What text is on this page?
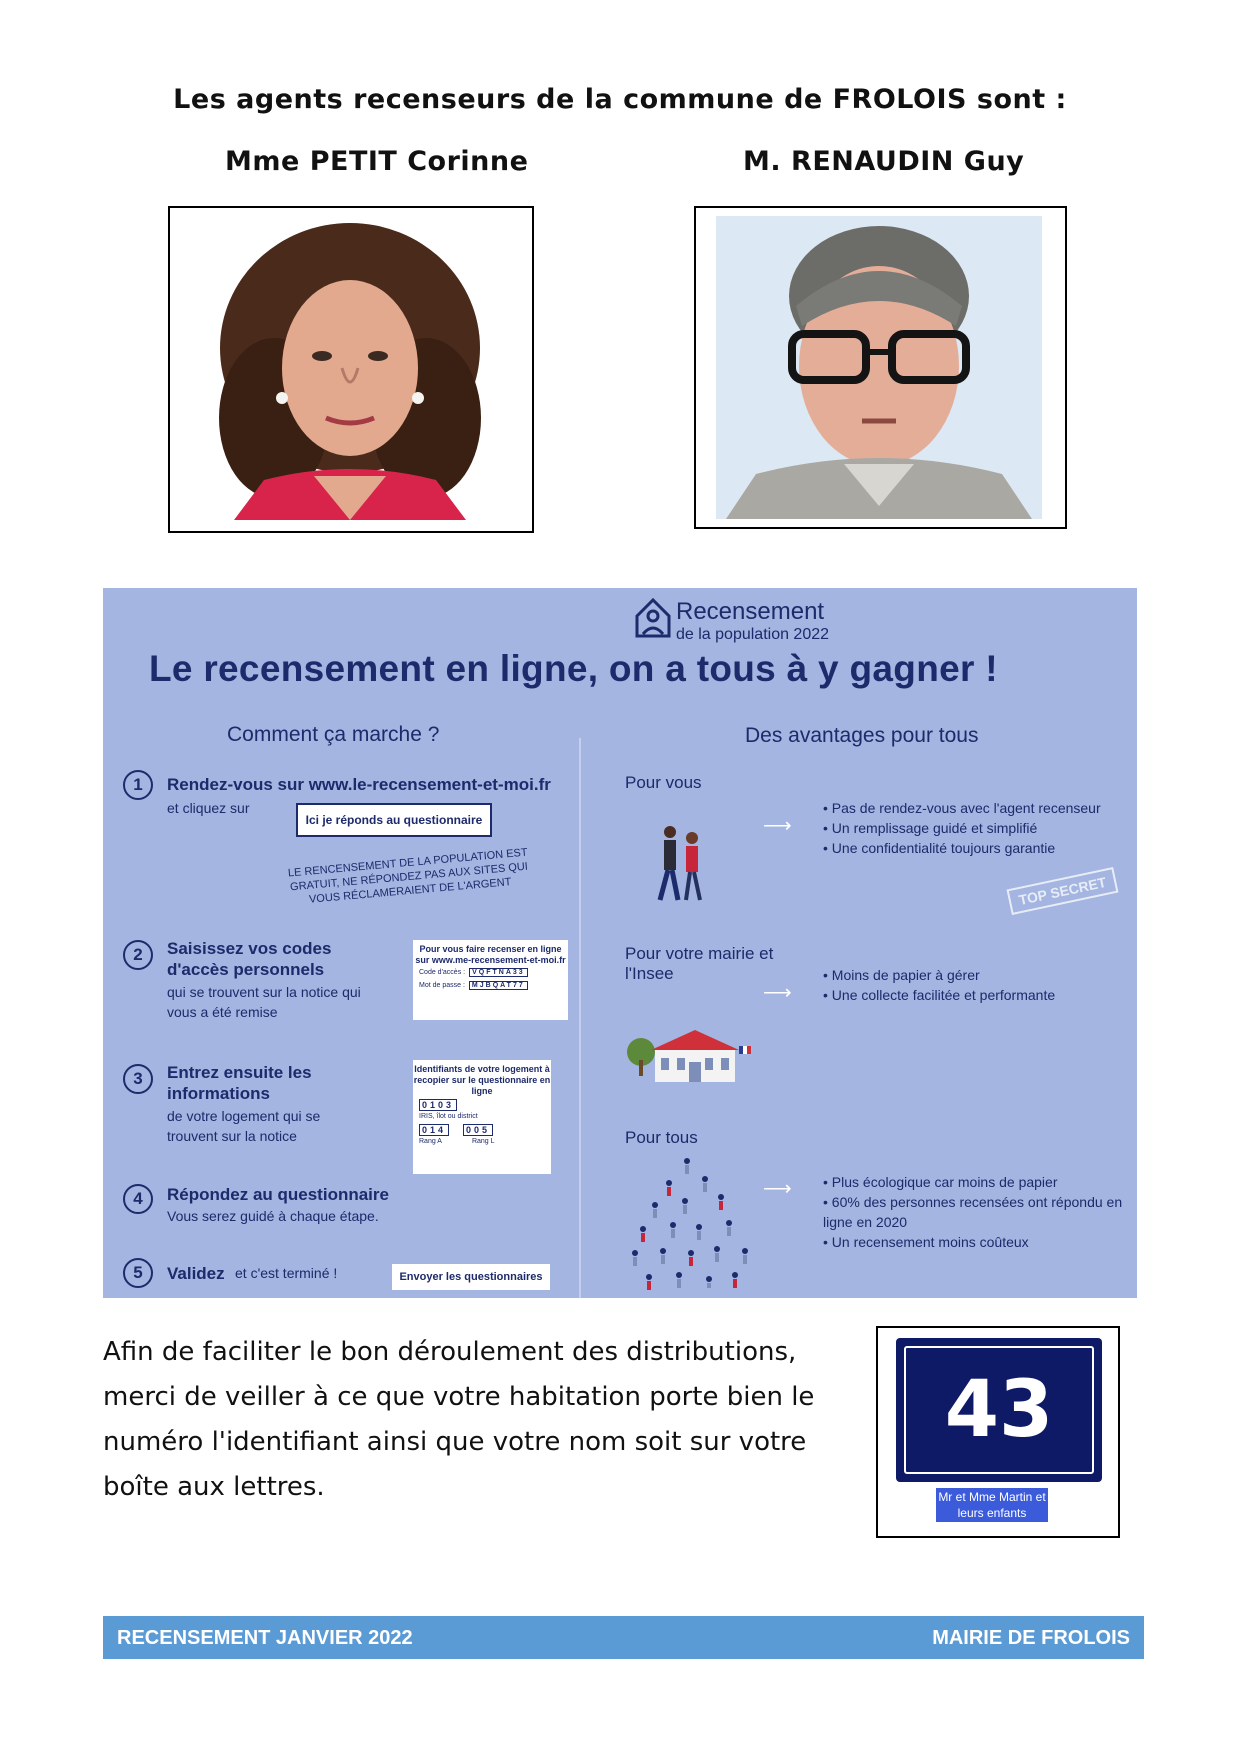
Les agents recenseurs de la commune de FROLOIS sont :
Mme PETIT Corinne	M. RENAUDIN Guy
Recensement
de la population 2022
Le recensement en ligne, on a tous à y gagner !
Comment ça marche ?	Des avantages pour tous
1	Rendez-vous sur www.le-recensement-et-moi.fr
et cliquez sur
Ici je réponds au questionnaire
LE RENCENSEMENT DE LA POPULATION EST GRATUIT, NE RÉPONDEZ PAS AUX SITES QUI VOUS RÉCLAMERAIENT DE L'ARGENT
2	Saisissez vos codes d'accès personnels
qui se trouvent sur la notice qui vous a été remise
Pour vous faire recenser en ligne sur www.me-recensement-et-moi.fr
Code d'accès :	VQFTNA33
Mot de passe :	MJBQAT77
3	Entrez ensuite les informations
de votre logement qui se trouvent sur la notice
Identifiants de votre logement à recopier sur le questionnaire en ligne
0103
IRIS, îlot ou district
014	005
Rang A	Rang L
4	Répondez au questionnaire
Vous serez guidé à chaque étape.
5	Validez et c'est terminé !	Envoyer les questionnaires
Pour vous
⟶
• Pas de rendez-vous avec l'agent recenseur
• Un remplissage guidé et simplifié
• Une confidentialité toujours garantie
TOP SECRET
Pour votre mairie et l'Insee
⟶
• Moins de papier à gérer
• Une collecte facilitée et performante
Pour tous
⟶
•	Plus écologique car moins de papier
• 60% des personnes recensées ont répondu en ligne en 2020
• Un recensement moins coûteux
Afin de faciliter le bon déroulement des distributions, merci de veiller à ce que votre habitation porte bien le numéro l'identifiant ainsi que votre nom soit sur votre boîte aux lettres.
43
Mr et Mme Martin et leurs enfants
RECENSEMENT JANVIER 2022	MAIRIE DE FROLOIS
